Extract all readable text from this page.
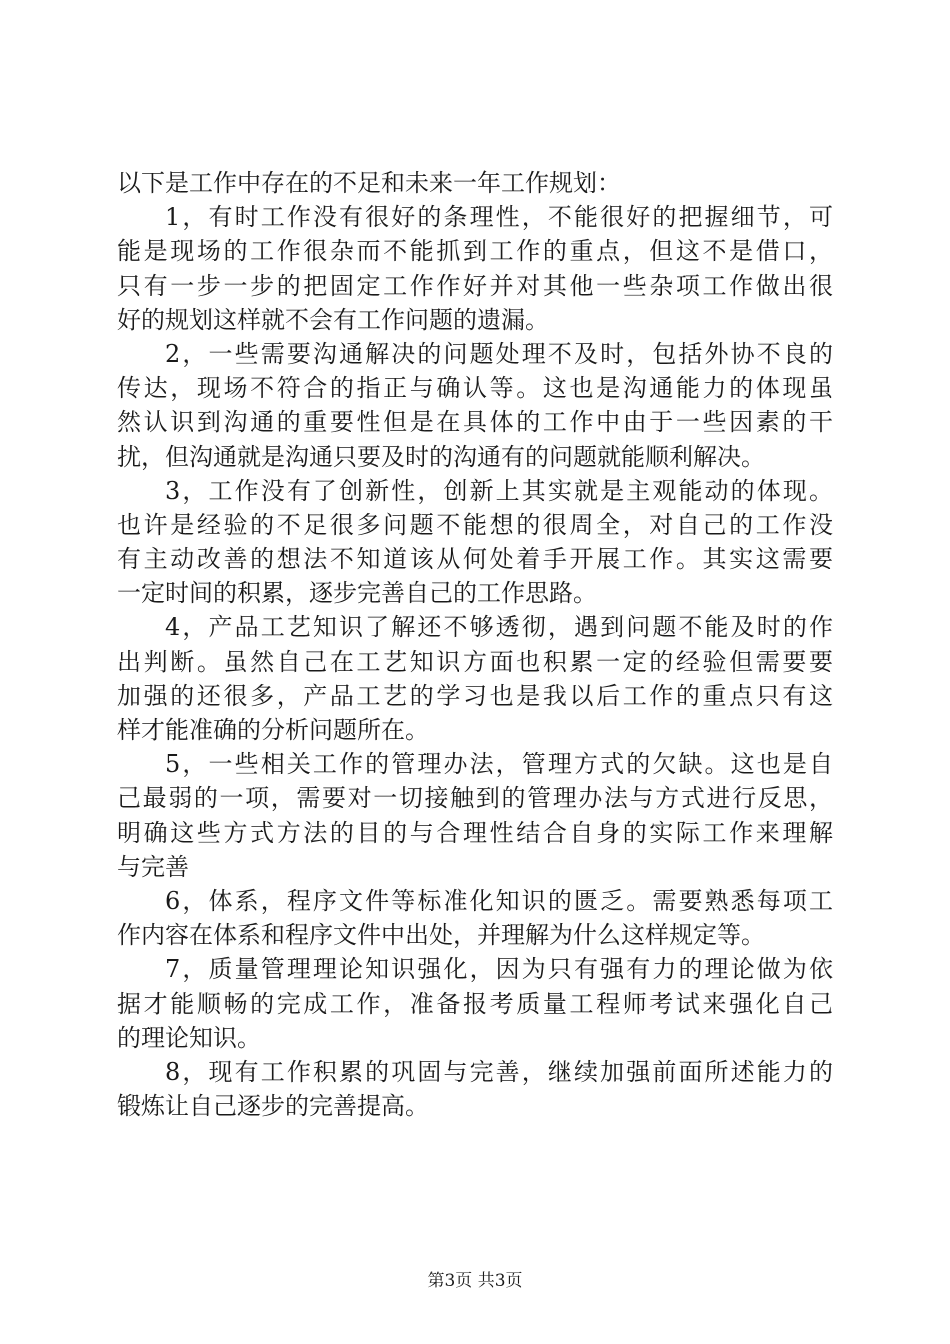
以下是工作中存在的不足和未来一年工作规划：
1，有时工作没有很好的条理性，不能很好的把握细节，可
能是现场的工作很杂而不能抓到工作的重点，但这不是借口，
只有一步一步的把固定工作作好并对其他一些杂项工作做出很
好的规划这样就不会有工作问题的遗漏。
2，一些需要沟通解决的问题处理不及时，包括外协不良的
传达，现场不符合的指正与确认等。这也是沟通能力的体现虽
然认识到沟通的重要性但是在具体的工作中由于一些因素的干
扰，但沟通就是沟通只要及时的沟通有的问题就能顺利解决。
3，工作没有了创新性，创新上其实就是主观能动的体现。
也许是经验的不足很多问题不能想的很周全，对自己的工作没
有主动改善的想法不知道该从何处着手开展工作。其实这需要
一定时间的积累，逐步完善自己的工作思路。
4，产品工艺知识了解还不够透彻，遇到问题不能及时的作
出判断。虽然自己在工艺知识方面也积累一定的经验但需要要
加强的还很多，产品工艺的学习也是我以后工作的重点只有这
样才能准确的分析问题所在。
5，一些相关工作的管理办法，管理方式的欠缺。这也是自
己最弱的一项，需要对一切接触到的管理办法与方式进行反思，
明确这些方式方法的目的与合理性结合自身的实际工作来理解
与完善
6，体系，程序文件等标准化知识的匮乏。需要熟悉每项工
作内容在体系和程序文件中出处，并理解为什么这样规定等。
7，质量管理理论知识强化，因为只有强有力的理论做为依
据才能顺畅的完成工作，准备报考质量工程师考试来强化自己
的理论知识。
8，现有工作积累的巩固与完善，继续加强前面所述能力的
锻炼让自己逐步的完善提高。
第3页 共3页
